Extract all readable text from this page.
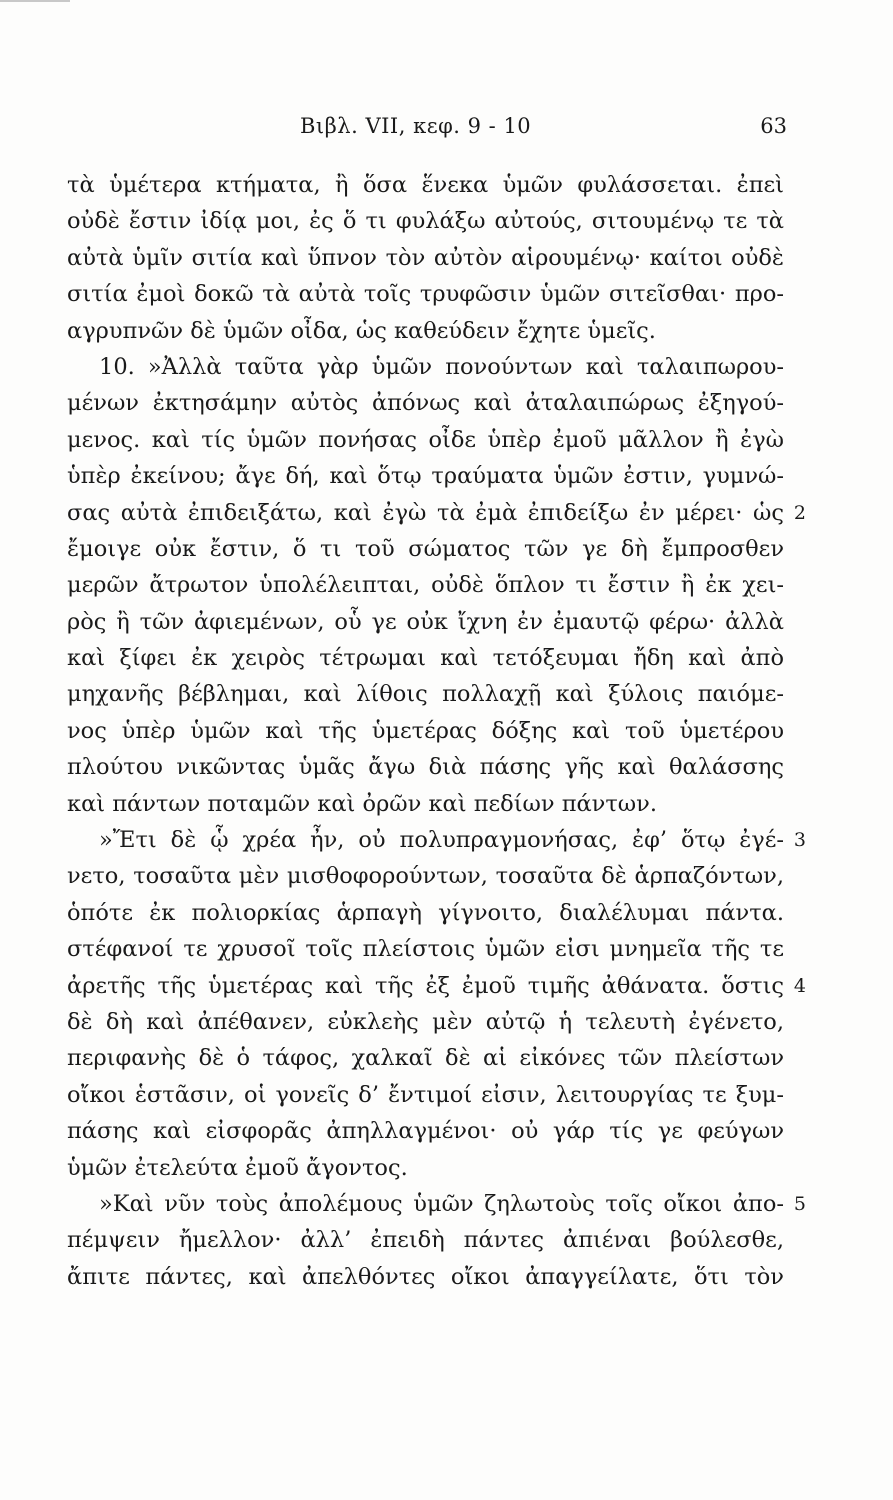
Βιβλ. VII, κεφ. 9 - 10	63
τὰ ὑμέτερα κτήματα, ἢ ὅσα ἕνεκα ὑμῶν φυλάσσεται. ἐπεὶ
οὐδὲ ἔστιν ἰδίᾳ μοι, ἐς ὅ τι φυλάξω αὐτούς, σιτουμένῳ τε τὰ
αὐτὰ ὑμῖν σιτία καὶ ὕπνον τὸν αὐτὸν αἱρουμένῳ· καίτοι οὐδὲ
σιτία ἐμοὶ δοκῶ τὰ αὐτὰ τοῖς τρυφῶσιν ὑμῶν σιτεῖσθαι· προ-
αγρυπνῶν δὲ ὑμῶν οἶδα, ὡς καθεύδειν ἔχητε ὑμεῖς.
10. »Ἀλλὰ ταῦτα γὰρ ὑμῶν πονούντων καὶ ταλαιπωρου-
μένων ἐκτησάμην αὐτὸς ἀπόνως καὶ ἀταλαιπώρως ἐξηγού-
μενος. καὶ τίς ὑμῶν πονήσας οἶδε ὑπὲρ ἐμοῦ μᾶλλον ἢ ἐγὼ
ὑπὲρ ἐκείνου; ἄγε δή, καὶ ὅτῳ τραύματα ὑμῶν ἐστιν, γυμνώ-
σας αὐτὰ ἐπιδειξάτω, καὶ ἐγὼ τὰ ἐμὰ ἐπιδείξω ἐν μέρει· ὡς 2
ἔμοιγε οὐκ ἔστιν, ὅ τι τοῦ σώματος τῶν γε δὴ ἔμπροσθεν
μερῶν ἄτρωτον ὑπολέλειπται, οὐδὲ ὅπλον τι ἔστιν ἢ ἐκ χει-
ρὸς ἢ τῶν ἀφιεμένων, οὗ γε οὐκ ἴχνη ἐν ἐμαυτῷ φέρω· ἀλλὰ
καὶ ξίφει ἐκ χειρὸς τέτρωμαι καὶ τετόξευμαι ἤδη καὶ ἀπὸ
μηχανῆς βέβλημαι, καὶ λίθοις πολλαχῇ καὶ ξύλοις παιόμε-
νος ὑπὲρ ὑμῶν καὶ τῆς ὑμετέρας δόξης καὶ τοῦ ὑμετέρου
πλούτου νικῶντας ὑμᾶς ἄγω διὰ πάσης γῆς καὶ θαλάσσης
καὶ πάντων ποταμῶν καὶ ὀρῶν καὶ πεδίων πάντων.
»Ἔτι δὲ ᾧ χρέα ἦν, οὐ πολυπραγμονήσας, ἐφ’ ὅτῳ ἐγέ- 3
νετο, τοσαῦτα μὲν μισθοφορούντων, τοσαῦτα δὲ ἁρπαζόντων,
ὁπότε ἐκ πολιορκίας ἁρπαγὴ γίγνοιτο, διαλέλυμαι πάντα.
στέφανοί τε χρυσοῖ τοῖς πλείστοις ὑμῶν εἰσι μνημεῖα τῆς τε
ἀρετῆς τῆς ὑμετέρας καὶ τῆς ἐξ ἐμοῦ τιμῆς ἀθάνατα. ὅστις 4
δὲ δὴ καὶ ἀπέθανεν, εὐκλεὴς μὲν αὐτῷ ἡ τελευτὴ ἐγένετο,
περιφανὴς δὲ ὁ τάφος, χαλκαῖ δὲ αἱ εἰκόνες τῶν πλείστων
οἴκοι ἑστᾶσιν, οἱ γονεῖς δ’ ἔντιμοί εἰσιν, λειτουργίας τε ξυμ-
πάσης καὶ εἰσφορᾶς ἀπηλλαγμένοι· οὐ γάρ τίς γε φεύγων
ὑμῶν ἐτελεύτα ἐμοῦ ἄγοντος.
»Καὶ νῦν τοὺς ἀπολέμους ὑμῶν ζηλωτοὺς τοῖς οἴκοι ἀπο- 5
πέμψειν ἤμελλον· ἀλλ’ ἐπειδὴ πάντες ἀπιέναι βούλεσθε,
ἄπιτε πάντες, καὶ ἀπελθόντες οἴκοι ἀπαγγείλατε, ὅτι τὸν
